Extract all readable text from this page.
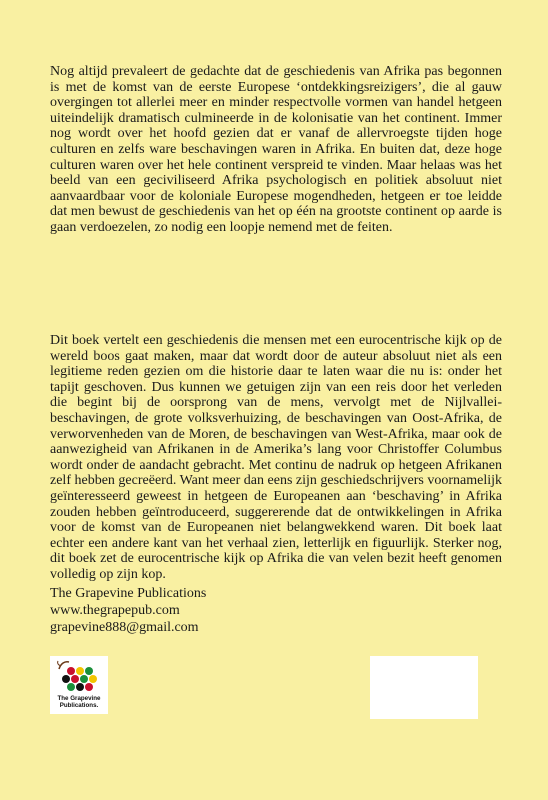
Nog altijd prevaleert de gedachte dat de geschiedenis van Afrika pas begonnen is met de komst van de eerste Europese ‘ontdekkingsreizigers’, die al gauw overgingen tot allerlei meer en minder respectvolle vormen van handel hetgeen uiteindelijk dramatisch culmineerde in de kolonisatie van het continent. Immer nog wordt over het hoofd gezien dat er vanaf de allervroegste tijden hoge culturen en zelfs ware beschavingen waren in Afrika. En buiten dat, deze hoge culturen waren over het hele continent verspreid te vinden. Maar helaas was het beeld van een geciviliseerd Afrika psychologisch en politiek absoluut niet aanvaardbaar voor de koloniale Europese mogendheden, hetgeen er toe leidde dat men bewust de geschiedenis van het op één na grootste continent op aarde is gaan verdoezelen, zo nodig een loopje nemend met de feiten.
Dit boek vertelt een geschiedenis die mensen met een eurocentrische kijk op de wereld boos gaat maken, maar dat wordt door de auteur absoluut niet als een legitieme reden gezien om die historie daar te laten waar die nu is: onder het tapijt geschoven. Dus kunnen we getuigen zijn van een reis door het verleden die begint bij de oorsprong van de mens, vervolgt met de Nijlvallei-beschavingen, de grote volksverhuizing, de beschavingen van Oost-Afrika, de verworvenheden van de Moren, de beschavingen van West-Afrika, maar ook de aanwezigheid van Afrikanen in de Amerika’s lang voor Christoffer Columbus wordt onder de aandacht gebracht. Met continu de nadruk op hetgeen Afrikanen zelf hebben gecreëerd. Want meer dan eens zijn geschiedschrijvers voornamelijk geïnteresseerd geweest in hetgeen de Europeanen aan ‘beschaving’ in Afrika zouden hebben geïntroduceerd, suggererende dat de ontwikkelingen in Afrika voor de komst van de Europeanen niet belangwekkend waren. Dit boek laat echter een andere kant van het verhaal zien, letterlijk en figuurlijk. Sterker nog, dit boek zet de eurocentrische kijk op Afrika die van velen bezit heeft genomen volledig op zijn kop.
The Grapevine Publications
www.thegrapepub.com
grapevine888@gmail.com
The Grapevine Publications.
